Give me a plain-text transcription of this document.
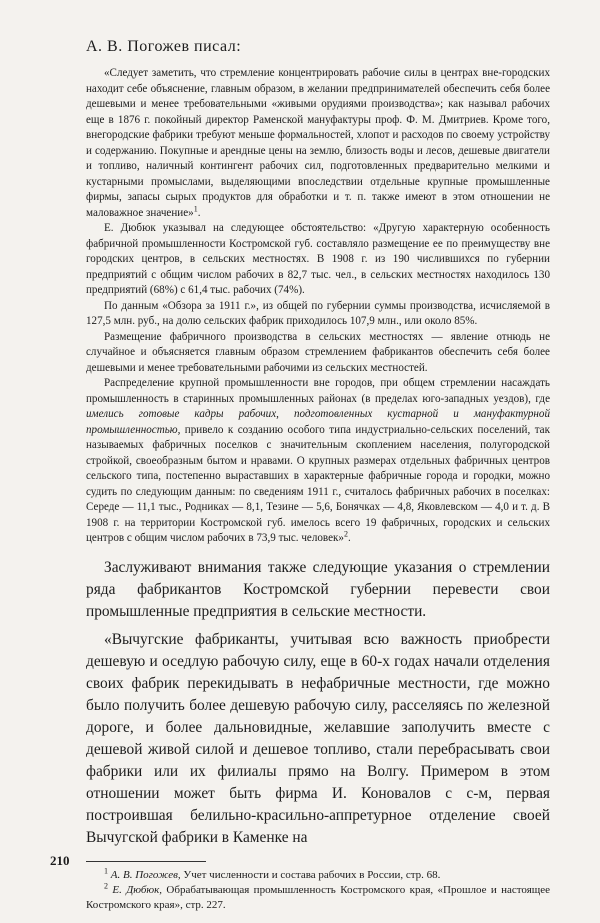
А. В. Погожев писал:

«Следует заметить, что стремление концентрировать рабочие силы в центрах вне-городских находит себе объяснение, главным образом, в желании предпринимателей обеспечить себя более дешевыми и менее требовательными «живыми орудиями производства»; как называл рабочих еще в 1876 г. покойный директор Раменской мануфактуры проф. Ф. М. Дмитриев. Кроме того, внегородские фабрики требуют меньше формальностей, хлопот и расходов по своему устройству и содержанию. Покупные и арендные цены на землю, близость воды и лесов, дешевые двигатели и топливо, наличный контингент рабочих сил, подготовленных предварительно мелкими и кустарными промыслами, выделяющими впоследствии отдельные крупные промышленные фирмы, запасы сырых продуктов для обработки и т. п. также имеют в этом отношении не маловажное значение»$^1$.

Е. Дюбюк указывал на следующее обстоятельство: «Другую характерную особенность фабричной промышленности Костромской губ. составляло размещение ее по преимуществу вне городских центров, в сельских местностях. В 1908 г. из 190 числившихся по губернии предприятий с общим числом рабочих в 82,7 тыс. чел., в сельских местностях находилось 130 предприятий (68%) с 61,4 тыс. рабочих (74%).

По данным «Обзора за 1911 г.», из общей по губернии суммы производства, исчисляемой в 127,5 млн. руб., на долю сельских фабрик приходилось 107,9 млн., или около 85%.

Размещение фабричного производства в сельских местностях — явление отнюдь не случайное и объясняется главным образом стремлением фабрикантов обеспечить себя более дешевыми и менее требовательными рабочими из сельских местностей.

Распределение крупной промышленности вне городов, при общем стремлении насаждать промышленность в старинных промышленных районах (в пределах юго-западных уездов), где имелись готовые кадры рабочих, подготовленных кустарной и мануфактурной промышленностью, привело к созданию особого типа индустриально-сельских поселений, так называемых фабричных поселков с значительным скоплением населения, полугородской стройкой, своеобразным бытом и нравами. О крупных размерах отдельных фабричных центров сельского типа, постепенно выраставших в характерные фабричные города и городки, можно судить по следующим данным: по сведениям 1911 г., считалось фабричных рабочих в поселках: Середе — 11,1 тыс., Родниках — 8,1, Тезине — 5,6, Бонячках — 4,8, Яковлевском — 4,0 и т. д. В 1908 г. на территории Костромской губ. имелось всего 19 фабричных, городских и сельских центров с общим числом рабочих в 73,9 тыс. человек»$^2$.

Заслуживают внимания также следующие указания о стремлении ряда фабрикантов Костромской губернии перевести свои промышленные предприятия в сельские местности.

«Вычугские фабриканты, учитывая всю важность приобрести дешевую и оседлую рабочую силу, еще в 60-х годах начали отделения своих фабрик перекидывать в нефабричные местности, где можно было получить более дешевую рабочую силу, расселяясь по железной дороге, и более дальновидные, желавшие заполучить вместе с дешевой живой силой и дешевое топливо, стали перебрасывать свои фабрики или их филиалы прямо на Волгу. Примером в этом отношении может быть фирма И. Коновалов с с-м, первая построившая белильно-красильно-аппретурное отделение своей Вычугской фабрики в Каменке на

$^1$ А. В. Погожев, Учет численности и состава рабочих в России, стр. 68.

$^2$ Е. Дюбюк, Обрабатывающая промышленность Костромского края, «Прошлое и настоящее Костромского края», стр. 227.

210
